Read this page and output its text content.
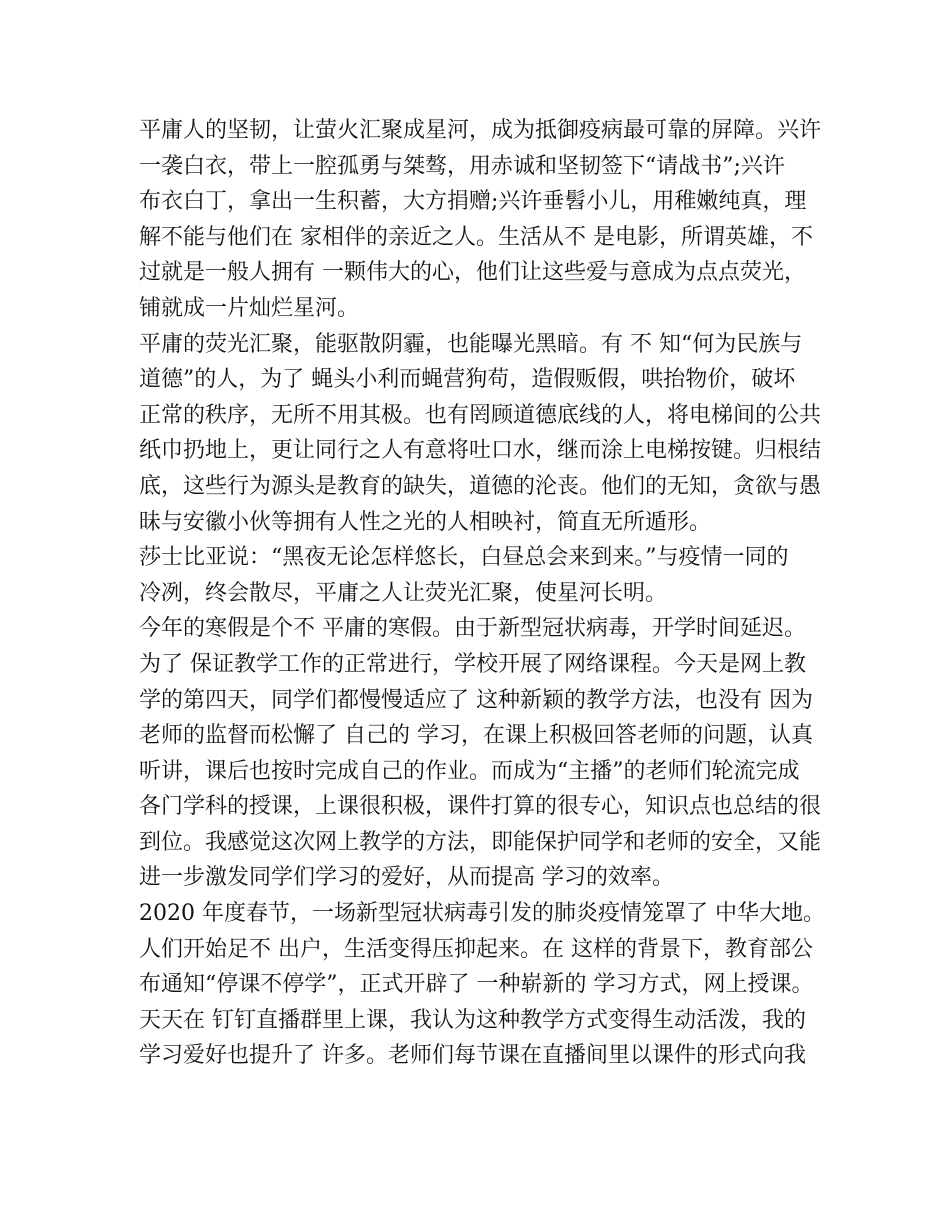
平庸人的坚韧，让萤火汇聚成星河，成为抵御疫病最可靠的屏障。兴许
一袭白衣，带上一腔孤勇与桀骜，用赤诚和坚韧签下“请战书”;兴许
布衣白丁，拿出一生积蓄，大方捐赠;兴许垂髫小儿，用稚嫩纯真，理
解不能与他们在 家相伴的亲近之人。生活从不 是电影，所谓英雄，不
过就是一般人拥有 一颗伟大的心，他们让这些爱与意成为点点荧光，
铺就成一片灿烂星河。
平庸的荧光汇聚，能驱散阴霾，也能曝光黑暗。有 不 知“何为民族与
道德”的人，为了 蝇头小利而蝇营狗苟，造假贩假，哄抬物价，破坏
正常的秩序，无所不用其极。也有罔顾道德底线的人，将电梯间的公共
纸巾扔地上，更让同行之人有意将吐口水，继而涂上电梯按键。归根结
底，这些行为源头是教育的缺失，道德的沦丧。他们的无知，贪欲与愚
昧与安徽小伙等拥有人性之光的人相映衬，简直无所遁形。
莎士比亚说：“黑夜无论怎样悠长，白昼总会来到来。”与疫情一同的
冷冽，终会散尽，平庸之人让荧光汇聚，使星河长明。
今年的寒假是个不 平庸的寒假。由于新型冠状病毒，开学时间延迟。
为了 保证教学工作的正常进行，学校开展了网络课程。今天是网上教
学的第四天，同学们都慢慢适应了 这种新颖的教学方法，也没有 因为
老师的监督而松懈了 自己的 学习，在课上积极回答老师的问题，认真
听讲，课后也按时完成自己的作业。而成为“主播”的老师们轮流完成
各门学科的授课，上课很积极，课件打算的很专心，知识点也总结的很
到位。我感觉这次网上教学的方法，即能保护同学和老师的安全，又能
进一步激发同学们学习的爱好，从而提高 学习的效率。
2020 年度春节，一场新型冠状病毒引发的肺炎疫情笼罩了 中华大地。
人们开始足不 出户，生活变得压抑起来。在 这样的背景下，教育部公
布通知“停课不停学”，正式开辟了 一种崭新的 学习方式，网上授课。
天天在 钉钉直播群里上课，我认为这种教学方式变得生动活泼，我的
学习爱好也提升了 许多。老师们每节课在直播间里以课件的形式向我
